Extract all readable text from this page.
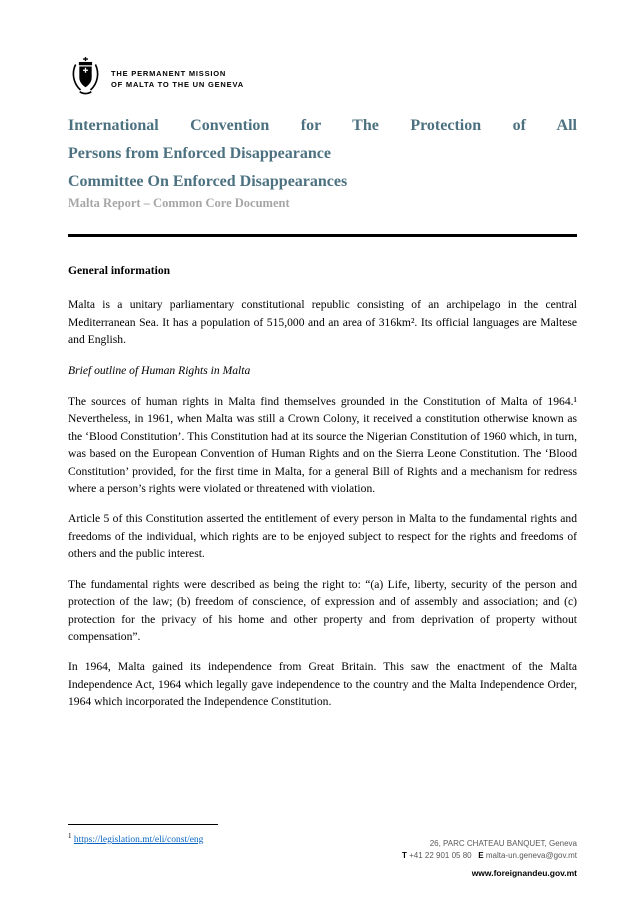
THE PERMANENT MISSION
OF MALTA TO THE UN GENEVA
International Convention for The Protection of All
Persons from Enforced Disappearance
Committee On Enforced Disappearances
Malta Report – Common Core Document
General information
Malta is a unitary parliamentary constitutional republic consisting of an archipelago in the central Mediterranean Sea. It has a population of 515,000 and an area of 316km². Its official languages are Maltese and English.
Brief outline of Human Rights in Malta
The sources of human rights in Malta find themselves grounded in the Constitution of Malta of 1964.¹ Nevertheless, in 1961, when Malta was still a Crown Colony, it received a constitution otherwise known as the ‘Blood Constitution’. This Constitution had at its source the Nigerian Constitution of 1960 which, in turn, was based on the European Convention of Human Rights and on the Sierra Leone Constitution. The ‘Blood Constitution’ provided, for the first time in Malta, for a general Bill of Rights and a mechanism for redress where a person’s rights were violated or threatened with violation.
Article 5 of this Constitution asserted the entitlement of every person in Malta to the fundamental rights and freedoms of the individual, which rights are to be enjoyed subject to respect for the rights and freedoms of others and the public interest.
The fundamental rights were described as being the right to: “(a) Life, liberty, security of the person and protection of the law; (b) freedom of conscience, of expression and of assembly and association; and (c) protection for the privacy of his home and other property and from deprivation of property without compensation”.
In 1964, Malta gained its independence from Great Britain. This saw the enactment of the Malta Independence Act, 1964 which legally gave independence to the country and the Malta Independence Order, 1964 which incorporated the Independence Constitution.
$^1$ https://legislation.mt/eli/const/eng	26, PARC CHATEAU BANQUET, Geneva
T +41 22 901 05 80 E malta-un.geneva@gov.mt
www.foreignandeu.gov.mt
